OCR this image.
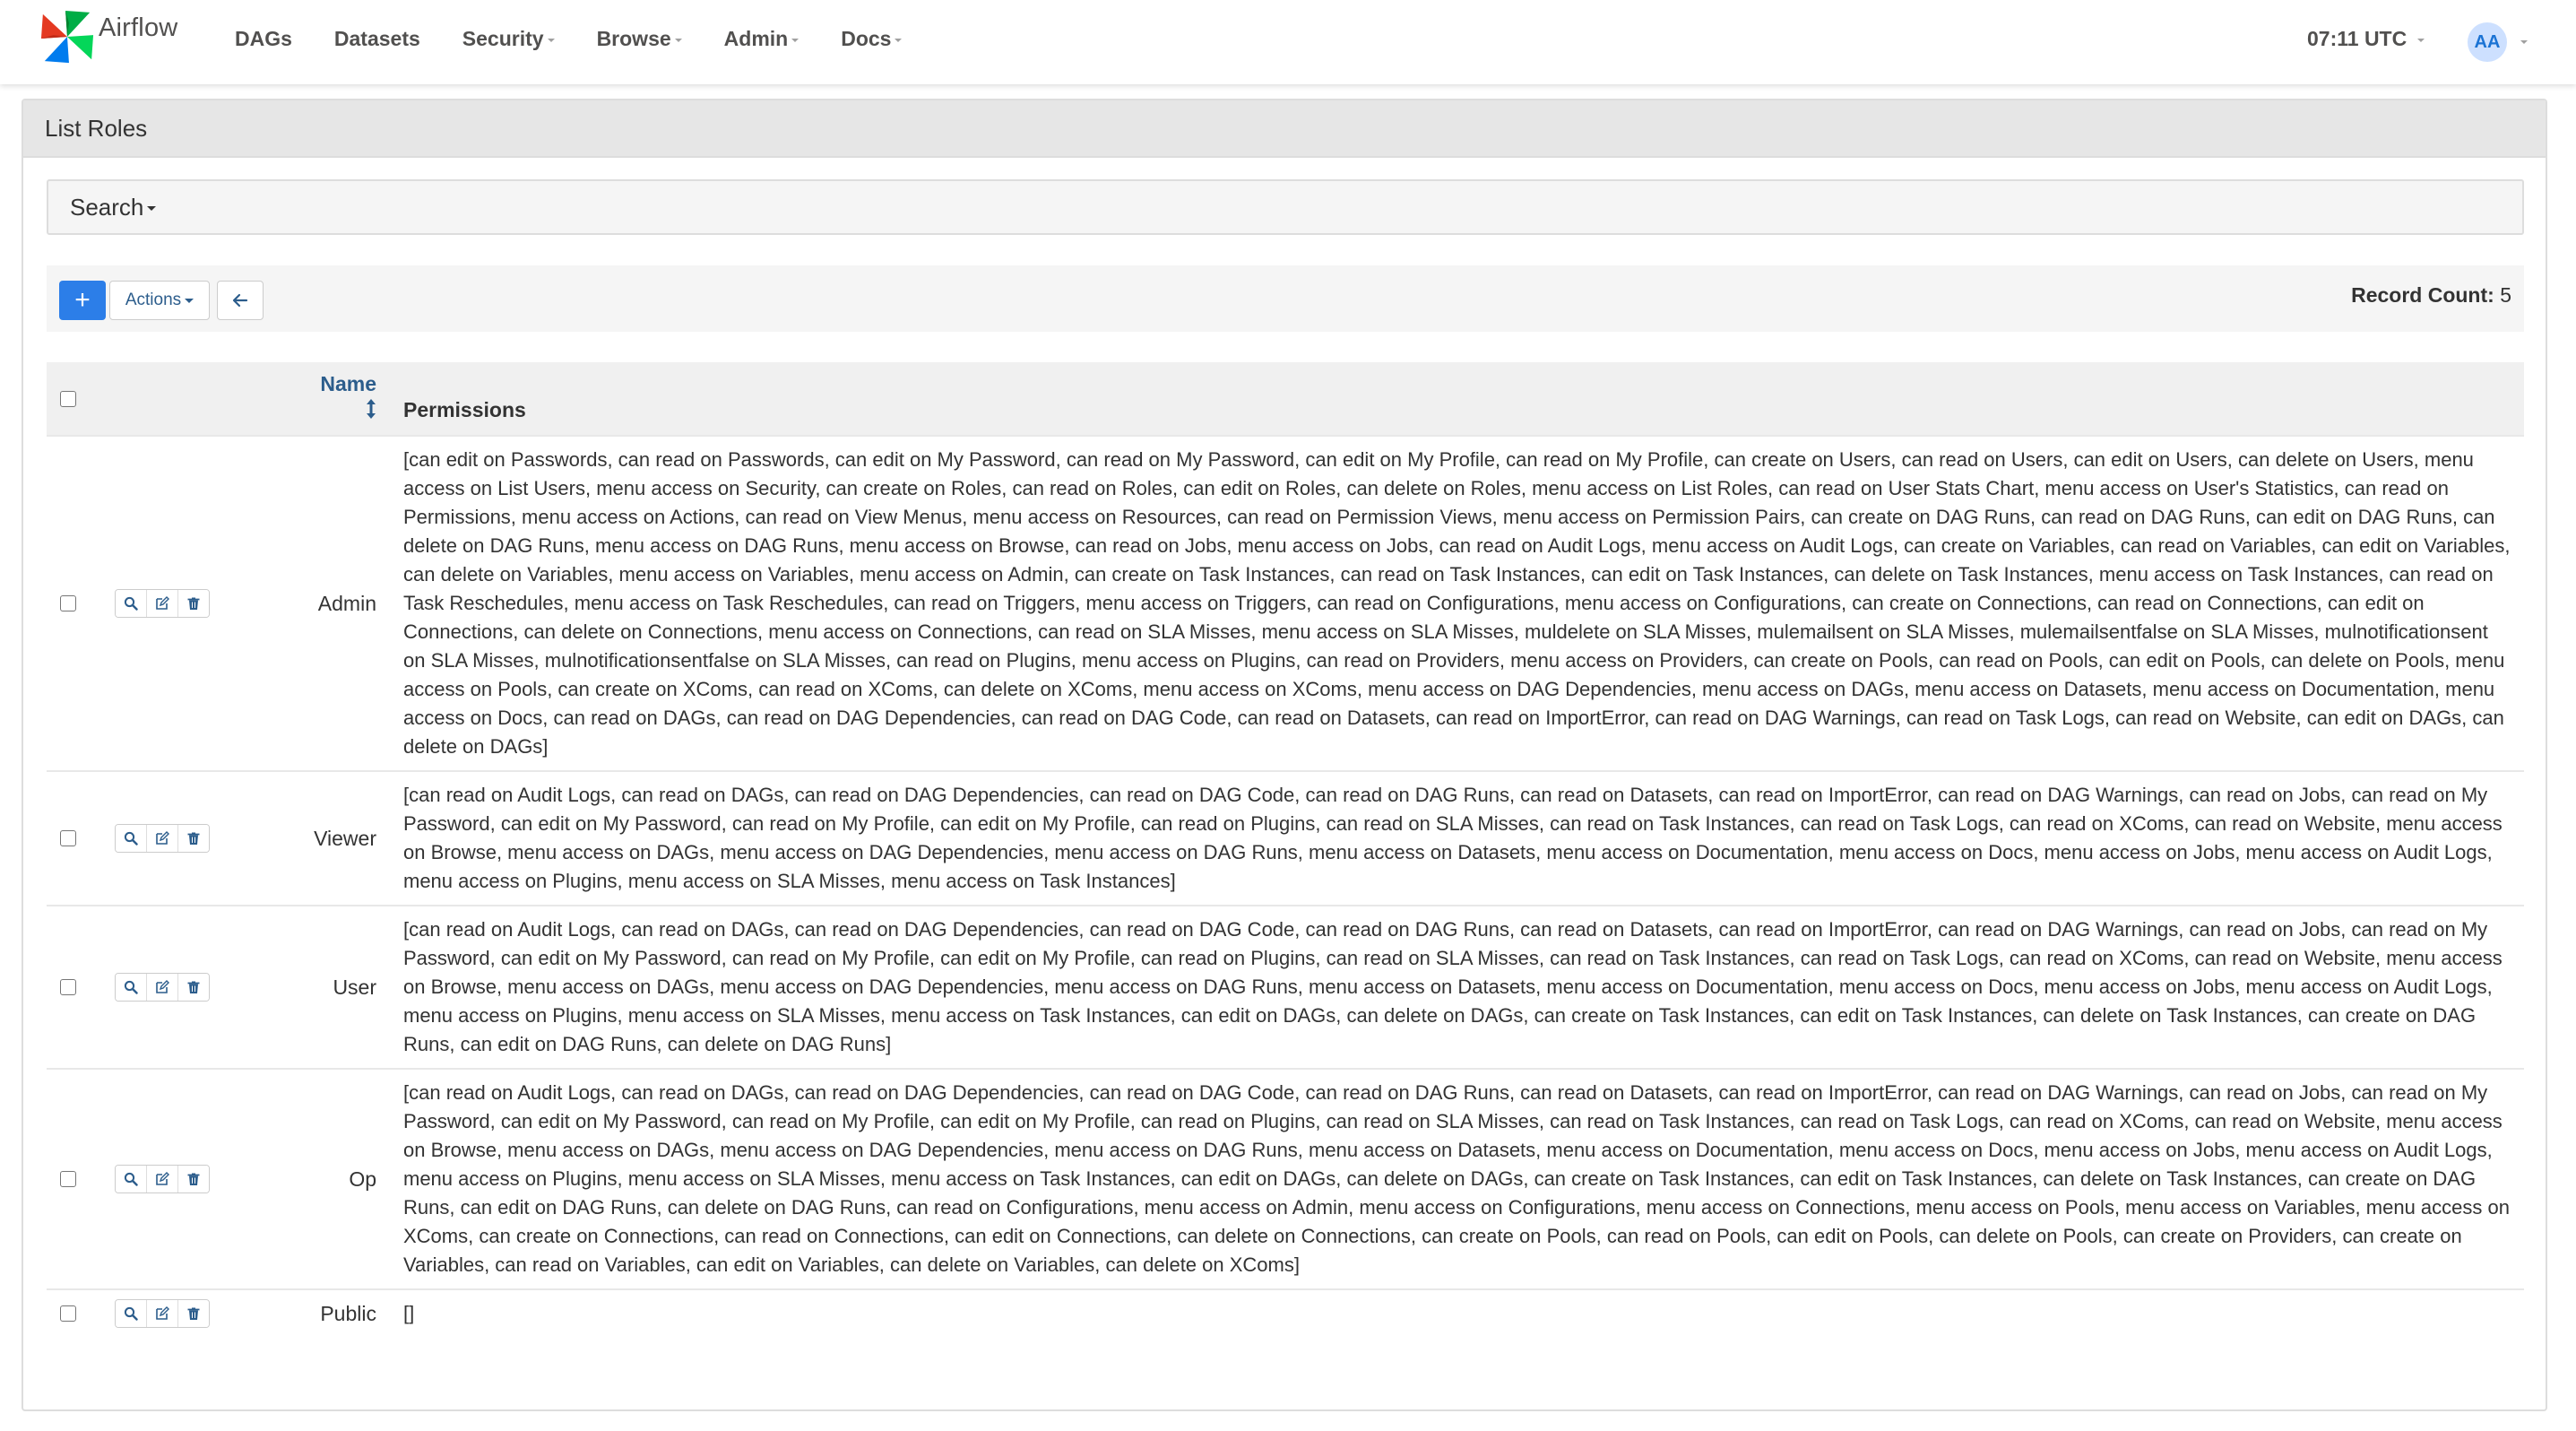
Airflow	DAGs Datasets Security	Browse	Admin	Docs	07:11 UTC	AA
List Roles
Search
+	Actions	Record Count: 5
		Name	Permissions

	Admin	[can edit on Passwords, can read on Passwords, can edit on My Password, can read on My Password, can edit on My Profile, can read on My Profile, can create on Users, can read on Users, can edit on Users, can delete on Users, menu access on List Users, menu access on Security, can create on Roles, can read on Roles, can edit on Roles, can delete on Roles, menu access on List Roles, can read on User Stats Chart, menu access on User's Statistics, can read on Permissions, menu access on Actions, can read on View Menus, menu access on Resources, can read on Permission Views, menu access on Permission Pairs, can create on DAG Runs, can read on DAG Runs, can edit on DAG Runs, can delete on DAG Runs, menu access on DAG Runs, menu access on Browse, can read on Jobs, menu access on Jobs, can read on Audit Logs, menu access on Audit Logs, can create on Variables, can read on Variables, can edit on Variables, can delete on Variables, menu access on Variables, menu access on Admin, can create on Task Instances, can read on Task Instances, can edit on Task Instances, can delete on Task Instances, menu access on Task Instances, can read on Task Reschedules, menu access on Task Reschedules, can read on Triggers, menu access on Triggers, can read on Configurations, menu access on Configurations, can create on Connections, can read on Connections, can edit on Connections, can delete on Connections, menu access on Connections, can read on SLA Misses, menu access on SLA Misses, muldelete on SLA Misses, mulemailsent on SLA Misses, mulemailsentfalse on SLA Misses, mulnotificationsent on SLA Misses, mulnotificationsentfalse on SLA Misses, can read on Plugins, menu access on Plugins, can read on Providers, menu access on Providers, can create on Pools, can read on Pools, can edit on Pools, can delete on Pools, menu access on Pools, can create on XComs, can read on XComs, can delete on XComs, menu access on XComs, menu access on DAG Dependencies, menu access on DAGs, menu access on Datasets, menu access on Documentation, menu access on Docs, can read on DAGs, can read on DAG Dependencies, can read on DAG Code, can read on Datasets, can read on ImportError, can read on DAG Warnings, can read on Task Logs, can read on Website, can edit on DAGs, can delete on DAGs]

	Viewer	[can read on Audit Logs, can read on DAGs, can read on DAG Dependencies, can read on DAG Code, can read on DAG Runs, can read on Datasets, can read on ImportError, can read on DAG Warnings, can read on Jobs, can read on My Password, can edit on My Password, can read on My Profile, can edit on My Profile, can read on Plugins, can read on SLA Misses, can read on Task Instances, can read on Task Logs, can read on XComs, can read on Website, menu access on Browse, menu access on DAGs, menu access on DAG Dependencies, menu access on DAG Runs, menu access on Datasets, menu access on Documentation, menu access on Docs, menu access on Jobs, menu access on Audit Logs, menu access on Plugins, menu access on SLA Misses, menu access on Task Instances]

	User	[can read on Audit Logs, can read on DAGs, can read on DAG Dependencies, can read on DAG Code, can read on DAG Runs, can read on Datasets, can read on ImportError, can read on DAG Warnings, can read on Jobs, can read on My Password, can edit on My Password, can read on My Profile, can edit on My Profile, can read on Plugins, can read on SLA Misses, can read on Task Instances, can read on Task Logs, can read on XComs, can read on Website, menu access on Browse, menu access on DAGs, menu access on DAG Dependencies, menu access on DAG Runs, menu access on Datasets, menu access on Documentation, menu access on Docs, menu access on Jobs, menu access on Audit Logs, menu access on Plugins, menu access on SLA Misses, menu access on Task Instances, can edit on DAGs, can delete on DAGs, can create on Task Instances, can edit on Task Instances, can delete on Task Instances, can create on DAG Runs, can edit on DAG Runs, can delete on DAG Runs]

	Op	[can read on Audit Logs, can read on DAGs, can read on DAG Dependencies, can read on DAG Code, can read on DAG Runs, can read on Datasets, can read on ImportError, can read on DAG Warnings, can read on Jobs, can read on My Password, can edit on My Password, can read on My Profile, can edit on My Profile, can read on Plugins, can read on SLA Misses, can read on Task Instances, can read on Task Logs, can read on XComs, can read on Website, menu access on Browse, menu access on DAGs, menu access on DAG Dependencies, menu access on DAG Runs, menu access on Datasets, menu access on Documentation, menu access on Docs, menu access on Jobs, menu access on Audit Logs, menu access on Plugins, menu access on SLA Misses, menu access on Task Instances, can edit on DAGs, can delete on DAGs, can create on Task Instances, can edit on Task Instances, can delete on Task Instances, can create on DAG Runs, can edit on DAG Runs, can delete on DAG Runs, can read on Configurations, menu access on Admin, menu access on Configurations, menu access on Connections, menu access on Pools, menu access on Variables, menu access on XComs, can create on Connections, can read on Connections, can edit on Connections, can delete on Connections, can create on Pools, can read on Pools, can edit on Pools, can delete on Pools, can create on Providers, can create on Variables, can read on Variables, can edit on Variables, can delete on Variables, can delete on XComs]

	Public	[]
